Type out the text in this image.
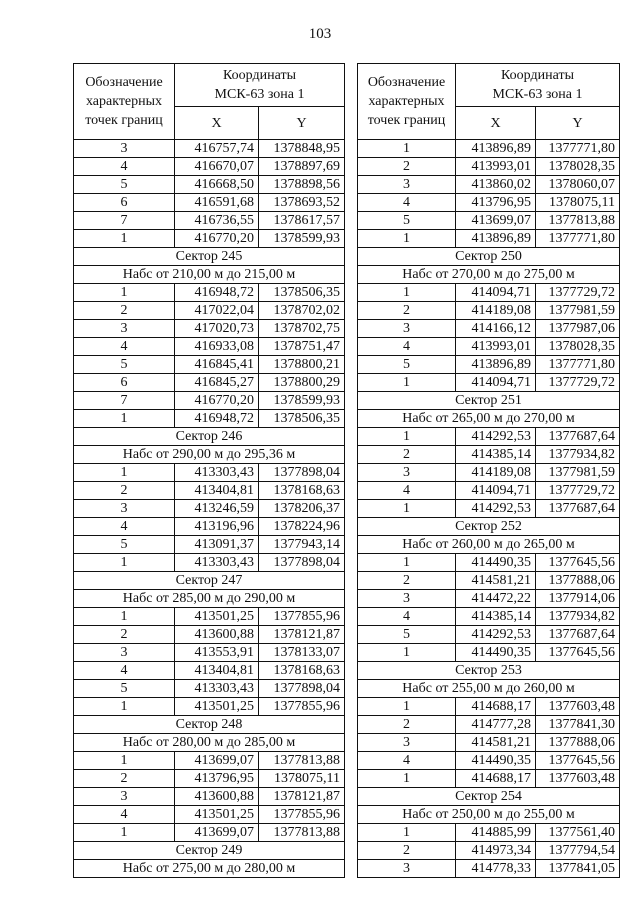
103
Обозначение
характерных
точек границ	Координаты
МСК-63 зона 1	
	X	Y
3	416757,74	1378848,95
4	416670,07	1378897,69
5	416668,50	1378898,56
6	416591,68	1378693,52
7	416736,55	1378617,57
1	416770,20	1378599,93
Сектор 245		
Набс от 210,00 м до 215,00 м		
1	416948,72	1378506,35
2	417022,04	1378702,02
3	417020,73	1378702,75
4	416933,08	1378751,47
5	416845,41	1378800,21
6	416845,27	1378800,29
7	416770,20	1378599,93
1	416948,72	1378506,35
Сектор 246		
Набс от 290,00 м до 295,36 м		
1	413303,43	1377898,04
2	413404,81	1378168,63
3	413246,59	1378206,37
4	413196,96	1378224,96
5	413091,37	1377943,14
1	413303,43	1377898,04
Сектор 247		
Набс от 285,00 м до 290,00 м		
1	413501,25	1377855,96
2	413600,88	1378121,87
3	413553,91	1378133,07
4	413404,81	1378168,63
5	413303,43	1377898,04
1	413501,25	1377855,96
Сектор 248		
Набс от 280,00 м до 285,00 м		
1	413699,07	1377813,88
2	413796,95	1378075,11
3	413600,88	1378121,87
4	413501,25	1377855,96
1	413699,07	1377813,88
Сектор 249		
Набс от 275,00 м до 280,00 м		
Обозначение
характерных
точек границ	Координаты
МСК-63 зона 1	
	X	Y
1	413896,89	1377771,80
2	413993,01	1378028,35
3	413860,02	1378060,07
4	413796,95	1378075,11
5	413699,07	1377813,88
1	413896,89	1377771,80
Сектор 250		
Набс от 270,00 м до 275,00 м		
1	414094,71	1377729,72
2	414189,08	1377981,59
3	414166,12	1377987,06
4	413993,01	1378028,35
5	413896,89	1377771,80
1	414094,71	1377729,72
Сектор 251		
Набс от 265,00 м до 270,00 м		
1	414292,53	1377687,64
2	414385,14	1377934,82
3	414189,08	1377981,59
4	414094,71	1377729,72
1	414292,53	1377687,64
Сектор 252		
Набс от 260,00 м до 265,00 м		
1	414490,35	1377645,56
2	414581,21	1377888,06
3	414472,22	1377914,06
4	414385,14	1377934,82
5	414292,53	1377687,64
1	414490,35	1377645,56
Сектор 253		
Набс от 255,00 м до 260,00 м		
1	414688,17	1377603,48
2	414777,28	1377841,30
3	414581,21	1377888,06
4	414490,35	1377645,56
1	414688,17	1377603,48
Сектор 254		
Набс от 250,00 м до 255,00 м		
1	414885,99	1377561,40
2	414973,34	1377794,54
3	414778,33	1377841,05
